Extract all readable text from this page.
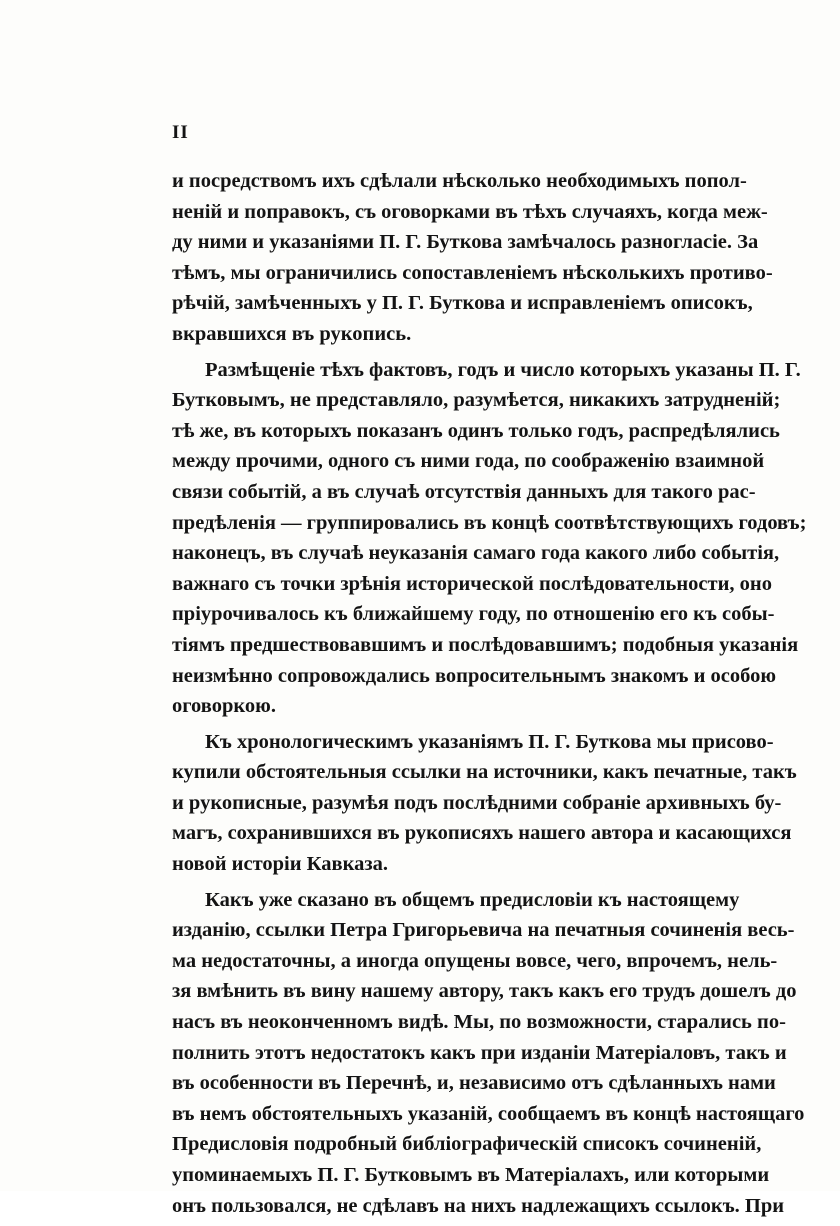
II
и посредствомъ ихъ сдѣлали нѣсколько необходимыхъ попол-
неній и поправокъ, съ оговорками въ тѣхъ случаяхъ, когда меж-
ду ними и указаніями П. Г. Буткова замѣчалось разногласіе. За
тѣмъ, мы ограничились сопоставленіемъ нѣсколькихъ противо-
рѣчій, замѣченныхъ у П. Г. Буткова и исправленіемъ описокъ,
вкравшихся въ рукопись.
Размѣщеніе тѣхъ фактовъ, годъ и число которыхъ указаны П. Г.
Бутковымъ, не представляло, разумѣется, никакихъ затрудненій;
тѣ же, въ которыхъ показанъ одинъ только годъ, распредѣлялись
между прочими, одного съ ними года, по соображенію взаимной
связи событій, а въ случаѣ отсутствія данныхъ для такого рас-
предѣленія — группировались въ концѣ соотвѣтствующихъ годовъ;
наконецъ, въ случаѣ неуказанія самаго года какого либо событія,
важнаго съ точки зрѣнія исторической послѣдовательности, оно
пріурочивалось къ ближайшему году, по отношенію его къ собы-
тіямъ предшествовавшимъ и послѣдовавшимъ; подобныя указанія
неизмѣнно сопровождались вопросительнымъ знакомъ и особою
оговоркою.
Къ хронологическимъ указаніямъ П. Г. Буткова мы присово-
купили обстоятельныя ссылки на источники, какъ печатные, такъ
и рукописные, разумѣя подъ послѣдними собраніе архивныхъ бу-
магъ, сохранившихся въ рукописяхъ нашего автора и касающихся
новой исторіи Кавказа.
Какъ уже сказано въ общемъ предисловіи къ настоящему
изданію, ссылки Петра Григорьевича на печатныя сочиненія весь-
ма недостаточны, а иногда опущены вовсе, чего, впрочемъ, нель-
зя вмѣнить въ вину нашему автору, такъ какъ его трудъ дошелъ до
насъ въ неоконченномъ видѣ. Мы, по возможности, старались по-
полнить этотъ недостатокъ какъ при изданіи Матеріаловъ, такъ и
въ особенности въ Перечнѣ, и, независимо отъ сдѣланныхъ нами
въ немъ обстоятельныхъ указаній, сообщаемъ въ концѣ настоящаго
Предисловія подробный библіографическій списокъ сочиненій,
упоминаемыхъ П. Г. Бутковымъ въ Матеріалахъ, или которыми
онъ пользовался, не сдѣлавъ на нихъ надлежащихъ ссылокъ. При
